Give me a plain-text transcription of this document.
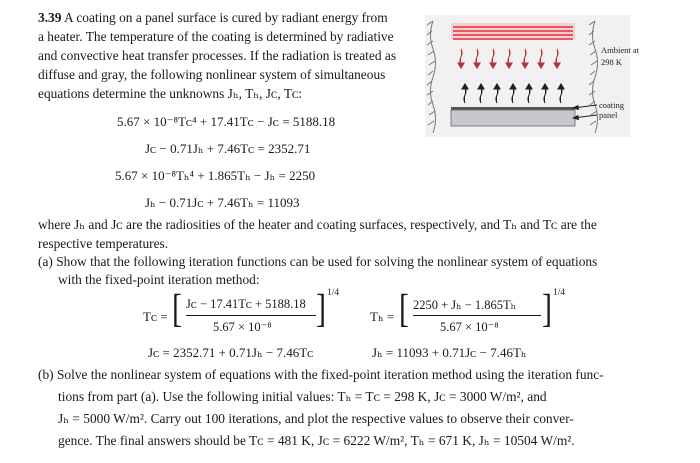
3.39 A coating on a panel surface is cured by radiant energy from
a heater. The temperature of the coating is determined by radiative
and convective heat transfer processes. If the radiation is treated as
diffuse and gray, the following nonlinear system of simultaneous
equations determine the unknowns Jₕ, Tₕ, Jᴄ, Tᴄ:
5.67 × 10⁻⁸Tᴄ⁴ + 17.41Tᴄ − Jᴄ = 5188.18
Jᴄ − 0.71Jₕ + 7.46Tᴄ = 2352.71
5.67 × 10⁻⁸Tₕ⁴ + 1.865Tₕ − Jₕ = 2250
Jₕ − 0.71Jᴄ + 7.46Tₕ = 11093
where Jₕ and Jᴄ are the radiosities of the heater and coating surfaces, respectively, and Tₕ and Tᴄ are the
respective temperatures.
(a) Show that the following iteration functions can be used for solving the nonlinear system of equations
with the fixed-point iteration method:
Tᴄ = [ Jᴄ − 17.41Tᴄ + 5188.18
5.67 × 10⁻⁸ ] 1/4
Tₕ = [ 2250 + Jₕ − 1.865Tₕ
5.67 × 10⁻⁸ ] 1/4
Jᴄ = 2352.71 + 0.71Jₕ − 7.46Tᴄ	Jₕ = 11093 + 0.71Jᴄ − 7.46Tₕ
(b) Solve the nonlinear system of equations with the fixed-point iteration method using the iteration func-
tions from part (a). Use the following initial values: Tₕ = Tᴄ = 298 K, Jᴄ = 3000 W/m², and
Jₕ = 5000 W/m². Carry out 100 iterations, and plot the respective values to observe their conver-
gence. The final answers should be Tᴄ = 481 K, Jᴄ = 6222 W/m², Tₕ = 671 K, Jₕ = 10504 W/m².
Ambient at
298 K
coating
panel
